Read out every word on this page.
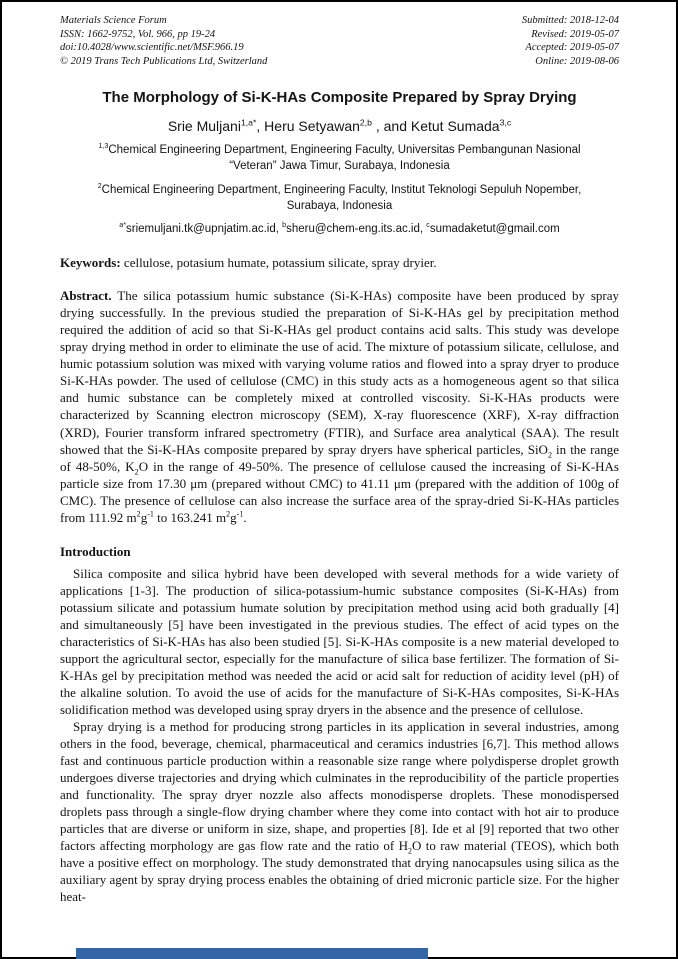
Materials Science Forum
ISSN: 1662-9752, Vol. 966, pp 19-24
doi:10.4028/www.scientific.net/MSF.966.19
© 2019 Trans Tech Publications Ltd, Switzerland
Submitted: 2018-12-04
Revised: 2019-05-07
Accepted: 2019-05-07
Online: 2019-08-06
The Morphology of Si-K-HAs Composite Prepared by Spray Drying
Srie Muljani$^{1,a*}$, Heru Setyawan$^{2,b}$ , and Ketut Sumada$^{3,c}$
$^{1,3}$Chemical Engineering Department, Engineering Faculty, Universitas Pembangunan Nasional
“Veteran” Jawa Timur, Surabaya, Indonesia
$^2$Chemical Engineering Department, Engineering Faculty, Institut Teknologi Sepuluh Nopember,
Surabaya, Indonesia
$^{a*}$sriemuljani.tk@upnjatim.ac.id, $^b$sheru@chem-eng.its.ac.id, $^c$sumadaketut@gmail.com

Keywords: cellulose, potasium humate, potassium silicate, spray dryier.

Abstract. The silica potassium humic substance (Si-K-HAs) composite have been produced by spray drying successfully. In the previous studied the preparation of Si-K-HAs gel by precipitation method required the addition of acid so that Si-K-HAs gel product contains acid salts. This study was develope spray drying method in order to eliminate the use of acid. The mixture of potassium silicate, cellulose, and humic potassium solution was mixed with varying volume ratios and flowed into a spray dryer to produce Si-K-HAs powder. The used of cellulose (CMC) in this study acts as a homogeneous agent so that silica and humic substance can be completely mixed at controlled viscosity. Si-K-HAs products were characterized by Scanning electron microscopy (SEM), X-ray fluorescence (XRF), X-ray diffraction (XRD), Fourier transform infrared spectrometry (FTIR), and Surface area analytical (SAA). The result showed that the Si-K-HAs composite prepared by spray dryers have spherical particles, SiO$_2$ in the range of 48-50%, $K_2O$ in the range of 49-50%. The presence of cellulose caused the increasing of Si-K-HAs particle size from 17.30 μm (prepared without CMC) to 41.11 μm (prepared with the addition of 100g of CMC). The presence of cellulose can also increase the surface area of the spray-dried Si-K-HAs particles from 111.92 $m^2g^{-1}$ to 163.241 $m^2g^{-1}$.

Introduction

Silica composite and silica hybrid have been developed with several methods for a wide variety of applications [1-3]. The production of silica-potassium-humic substance composites (Si-K-HAs) from potassium silicate and potassium humate solution by precipitation method using acid both gradually [4] and simultaneously [5] have been investigated in the previous studies. The effect of acid types on the characteristics of Si-K-HAs has also been studied [5]. Si-K-HAs composite is a new material developed to support the agricultural sector, especially for the manufacture of silica base fertilizer. The formation of Si-K-HAs gel by precipitation method was needed the acid or acid salt for reduction of acidity level (pH) of the alkaline solution. To avoid the use of acids for the manufacture of Si-K-HAs composites, Si-K-HAs solidification method was developed using spray dryers in the absence and the presence of cellulose.

Spray drying is a method for producing strong particles in its application in several industries, among others in the food, beverage, chemical, pharmaceutical and ceramics industries [6,7]. This method allows fast and continuous particle production within a reasonable size range where polydisperse droplet growth undergoes diverse trajectories and drying which culminates in the reproducibility of the particle properties and functionality. The spray dryer nozzle also affects monodisperse droplets. These monodispersed droplets pass through a single-flow drying chamber where they come into contact with hot air to produce particles that are diverse or uniform in size, shape, and properties [8]. Ide et al [9] reported that two other factors affecting morphology are gas flow rate and the ratio of $H_2O$ to raw material (TEOS), which both have a positive effect on morphology. The study demonstrated that drying nanocapsules using silica as the auxiliary agent by spray drying process enables the obtaining of dried micronic particle size. For the higher heat-
